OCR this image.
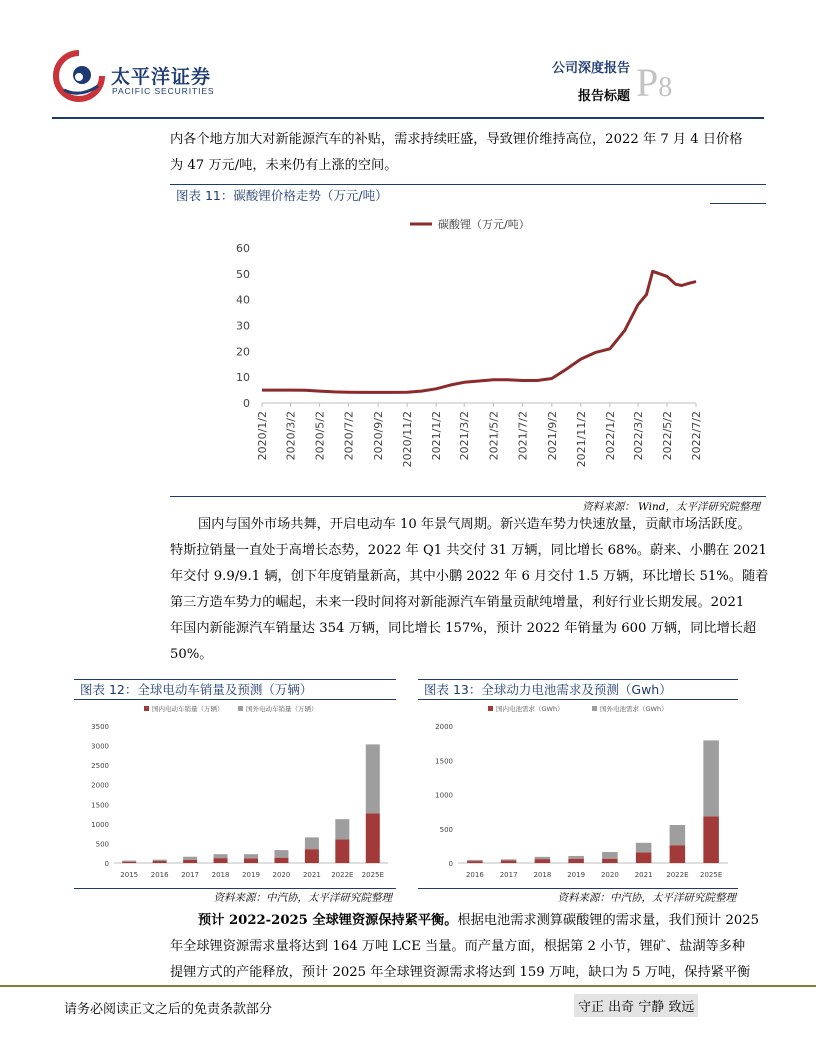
太平洋证券
PACIFIC SECURITIES
公司深度报告
报告标题 P8
内各个地方加大对新能源汽车的补贴，需求持续旺盛，导致锂价维持高位，2022 年 7 月 4 日价格
为 47 万元/吨，未来仍有上涨的空间。
图表 11：碳酸锂价格走势（万元/吨）
碳酸锂（万元/吨）
0
10
20
30
40
50
60
2020/1/2 2020/3/2 2020/5/2 2020/7/2 2020/9/2 2020/11/2 2021/1/2 2021/3/2 2021/5/2 2021/7/2 2021/9/2 2021/11/2 2022/1/2 2022/3/2 2022/5/2 2022/7/2
资料来源： Wind，太平洋研究院整理
国内与国外市场共舞，开启电动车 10 年景气周期。新兴造车势力快速放量，贡献市场活跃度。
特斯拉销量一直处于高增长态势，2022 年 Q1 共交付 31 万辆，同比增长 68%。蔚来、小鹏在 2021
年交付 9.9/9.1 辆，创下年度销量新高，其中小鹏 2022 年 6 月交付 1.5 万辆，环比增长 51%。随着
第三方造车势力的崛起，未来一段时间将对新能源汽车销量贡献纯增量，利好行业长期发展。2021
年国内新能源汽车销量达 354 万辆，同比增长 157%，预计 2022 年销量为 600 万辆，同比增长超
50%。
图表 12：全球电动车销量及预测（万辆）
国内电动车销量（万辆）	国外电动车销量（万辆）
0
500
1000
1500
2000
2500
3000
3500
2015 2016 2017 2018 2019 2020 2021 2022E 2025E
资料来源：中汽协，太平洋研究院整理
图表 13：全球动力电池需求及预测（Gwh）
国内电池需求（GWh）	国外电池需求（GWh）
0
500
1000
1500
2000
2016 2017 2018 2019 2020 2021 2022E 2025E
资料来源：中汽协，太平洋研究院整理
预计 2022-2025 全球锂资源保持紧平衡。根据电池需求测算碳酸锂的需求量，我们预计 2025
年全球锂资源需求量将达到 164 万吨 LCE 当量。而产量方面，根据第 2 小节，锂矿、盐湖等多种
提锂方式的产能释放，预计 2025 年全球锂资源需求将达到 159 万吨，缺口为 5 万吨，保持紧平衡
请务必阅读正文之后的免责条款部分	守正 出奇 宁静 致远
